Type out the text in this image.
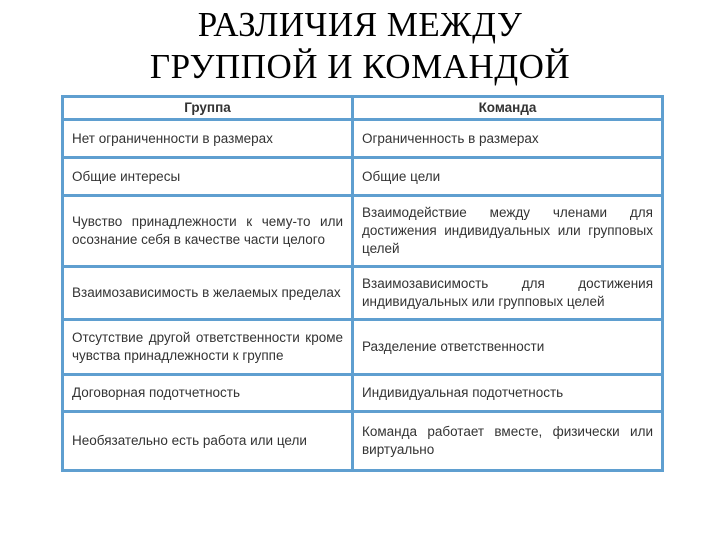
РАЗЛИЧИЯ МЕЖДУ
ГРУППОЙ И КОМАНДОЙ
Группа	Команда
Нет ограниченности в размерах	Ограниченность в размерах
Общие интересы	Общие цели
Чувство принадлежности к чему-то или осознание себя в качестве части целого	Взаимодействие между членами для достижения индивидуальных или групповых целей
Взаимозависимость в желаемых пределах	Взаимозависимость для достижения индивидуальных или групповых целей
Отсутствие другой ответственности кроме чувства принадлежности к группе	Разделение ответственности
Договорная подотчетность	Индивидуальная подотчетность
Необязательно есть работа или цели	Команда работает вместе, физически или виртуально
